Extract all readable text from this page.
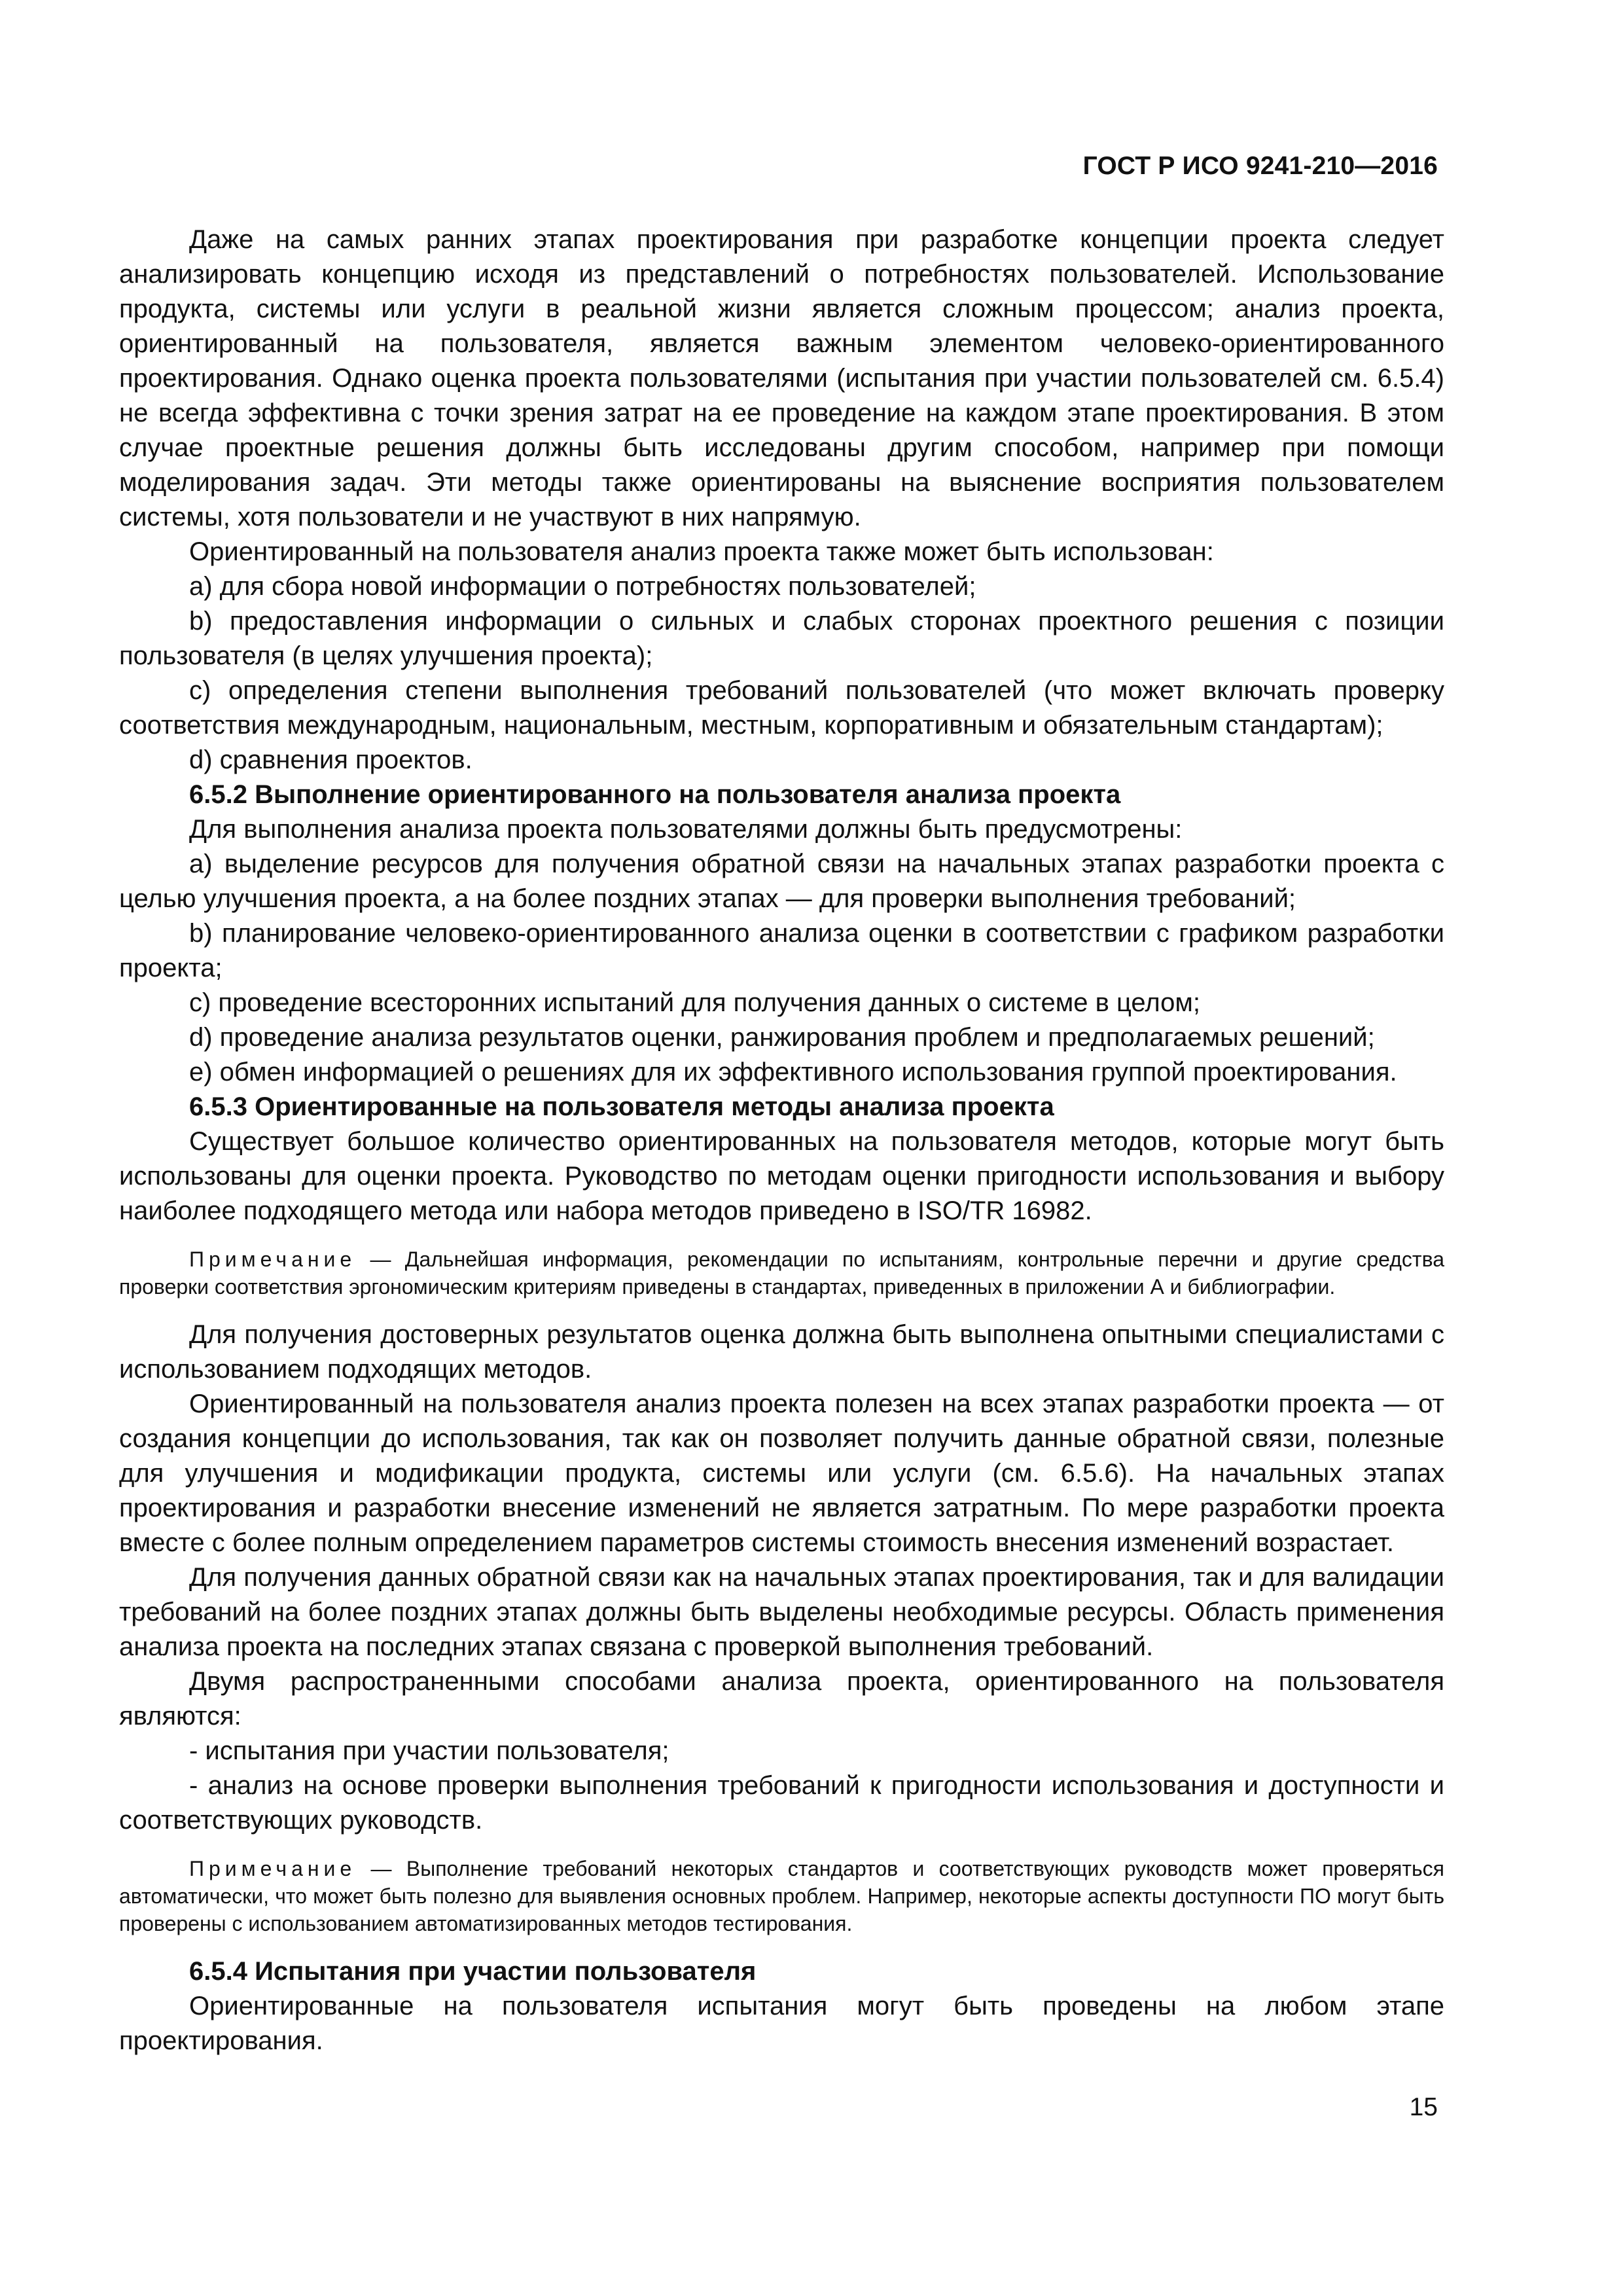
ГОСТ Р ИСО 9241-210—2016

Даже на самых ранних этапах проектирования при разработке концепции проекта следует анализировать концепцию исходя из представлений о потребностях пользователей. Использование продукта, системы или услуги в реальной жизни является сложным процессом; анализ проекта, ориентированный на пользователя, является важным элементом человеко-ориентированного проектирования. Однако оценка проекта пользователями (испытания при участии пользователей см. 6.5.4) не всегда эффективна с точки зрения затрат на ее проведение на каждом этапе проектирования. В этом случае проектные решения должны быть исследованы другим способом, например при помощи моделирования задач. Эти методы также ориентированы на выяснение восприятия пользователем системы, хотя пользователи и не участвуют в них напрямую.

Ориентированный на пользователя анализ проекта также может быть использован:

а) для сбора новой информации о потребностях пользователей;

b) предоставления информации о сильных и слабых сторонах проектного решения с позиции пользователя (в целях улучшения проекта);

с) определения степени выполнения требований пользователей (что может включать проверку соответствия международным, национальным, местным, корпоративным и обязательным стандартам);

d) сравнения проектов.

6.5.2 Выполнение ориентированного на пользователя анализа проекта

Для выполнения анализа проекта пользователями должны быть предусмотрены:

a) выделение ресурсов для получения обратной связи на начальных этапах разработки проекта с целью улучшения проекта, а на более поздних этапах — для проверки выполнения требований;

b) планирование человеко-ориентированного анализа оценки в соответствии с графиком разработки проекта;

c) проведение всесторонних испытаний для получения данных о системе в целом;

d) проведение анализа результатов оценки, ранжирования проблем и предполагаемых решений;

e) обмен информацией о решениях для их эффективного использования группой проектирования.

6.5.3 Ориентированные на пользователя методы анализа проекта

Существует большое количество ориентированных на пользователя методов, которые могут быть использованы для оценки проекта. Руководство по методам оценки пригодности использования и выбору наиболее подходящего метода или набора методов приведено в ISO/TR 16982.

Примечание — Дальнейшая информация, рекомендации по испытаниям, контрольные перечни и другие средства проверки соответствия эргономическим критериям приведены в стандартах, приведенных в приложении А и библиографии.

Для получения достоверных результатов оценка должна быть выполнена опытными специалистами с использованием подходящих методов.

Ориентированный на пользователя анализ проекта полезен на всех этапах разработки проекта — от создания концепции до использования, так как он позволяет получить данные обратной связи, полезные для улучшения и модификации продукта, системы или услуги (см. 6.5.6). На начальных этапах проектирования и разработки внесение изменений не является затратным. По мере разработки проекта вместе с более полным определением параметров системы стоимость внесения изменений возрастает.

Для получения данных обратной связи как на начальных этапах проектирования, так и для валидации требований на более поздних этапах должны быть выделены необходимые ресурсы. Область применения анализа проекта на последних этапах связана с проверкой выполнения требований.

Двумя распространенными способами анализа проекта, ориентированного на пользователя являются:

- испытания при участии пользователя;

- анализ на основе проверки выполнения требований к пригодности использования и доступности и соответствующих руководств.

Примечание — Выполнение требований некоторых стандартов и соответствующих руководств может проверяться автоматически, что может быть полезно для выявления основных проблем. Например, некоторые аспекты доступности ПО могут быть проверены с использованием автоматизированных методов тестирования.

6.5.4 Испытания при участии пользователя

Ориентированные на пользователя испытания могут быть проведены на любом этапе проектирования.

15
